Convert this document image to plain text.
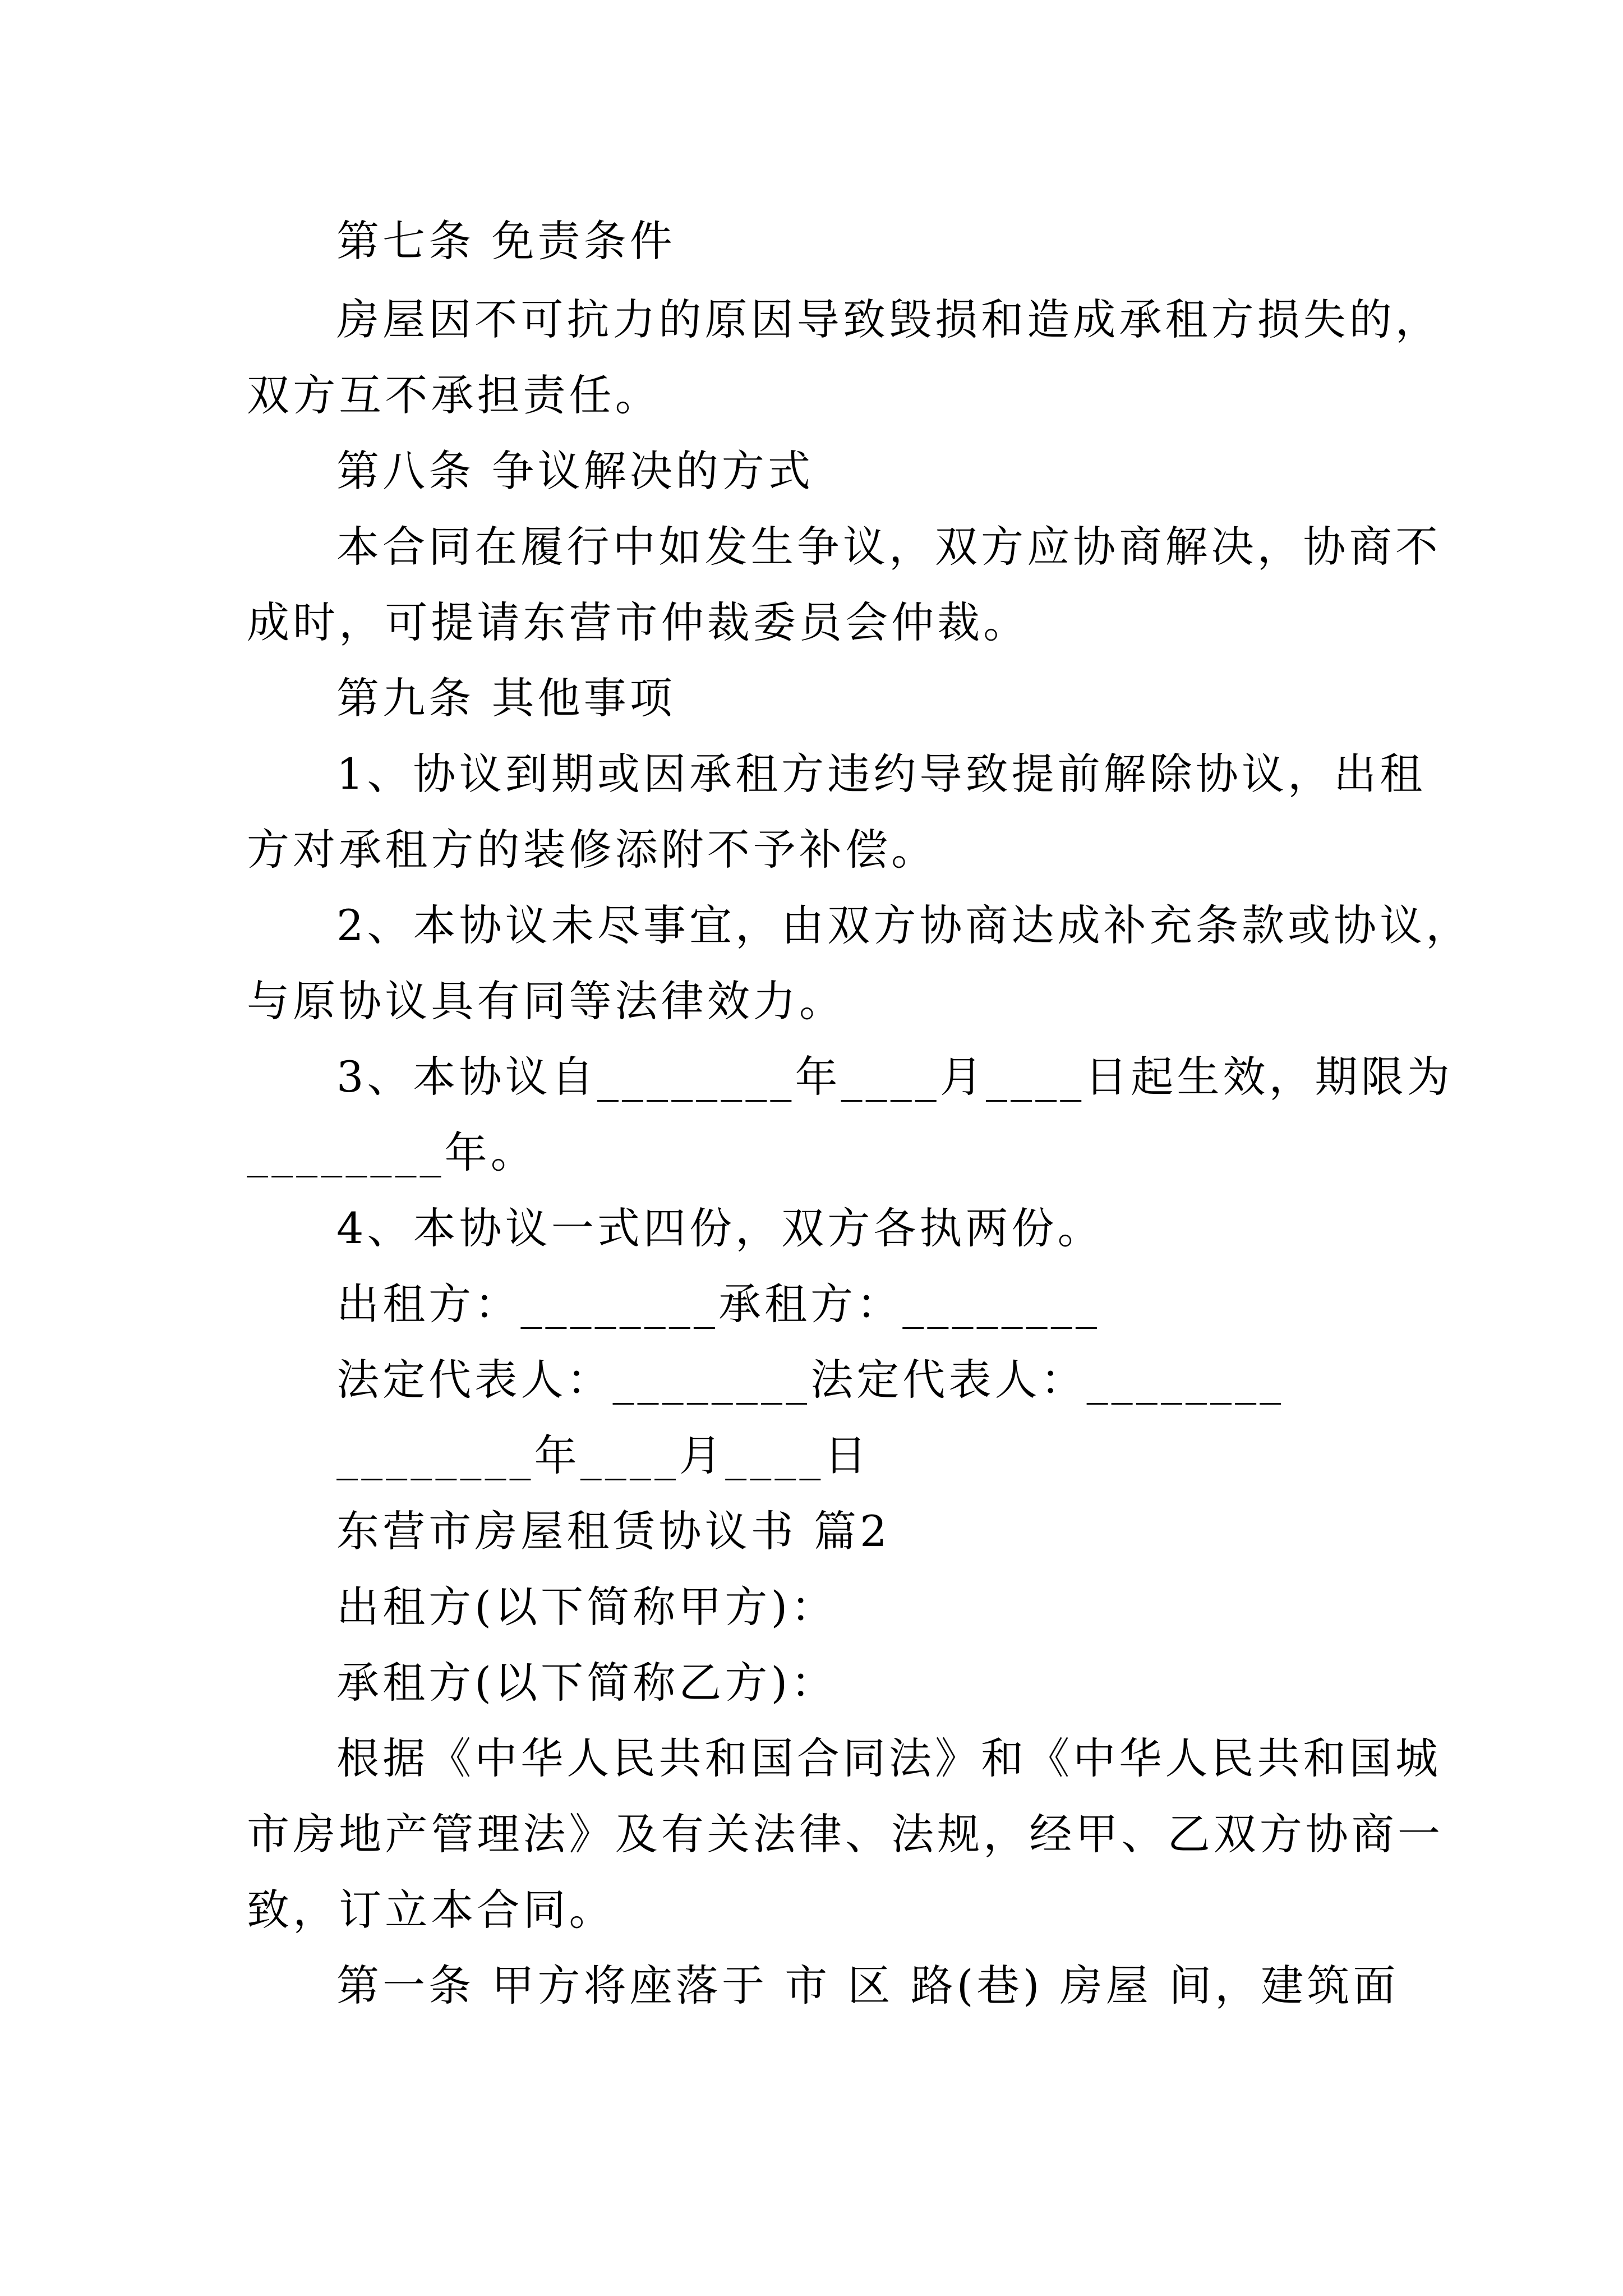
第七条 免责条件
房屋因不可抗力的原因导致毁损和造成承租方损失的，
双方互不承担责任。
第八条 争议解决的方式
本合同在履行中如发生争议，双方应协商解决，协商不
成时，可提请东营市仲裁委员会仲裁。
第九条 其他事项
1、协议到期或因承租方违约导致提前解除协议，出租
方对承租方的装修添附不予补偿。
2、本协议未尽事宜，由双方协商达成补充条款或协议，
与原协议具有同等法律效力。
3、本协议自________年____月____日起生效，期限为
________年。
4、本协议一式四份，双方各执两份。
出租方：________承租方：________
法定代表人：________法定代表人：________
________年____月____日
东营市房屋租赁协议书 篇2
出租方(以下简称甲方)：
承租方(以下简称乙方)：
根据《中华人民共和国合同法》和《中华人民共和国城
市房地产管理法》及有关法律、法规，经甲、乙双方协商一
致，订立本合同。
第一条 甲方将座落于 市 区 路(巷) 房屋 间，建筑面
